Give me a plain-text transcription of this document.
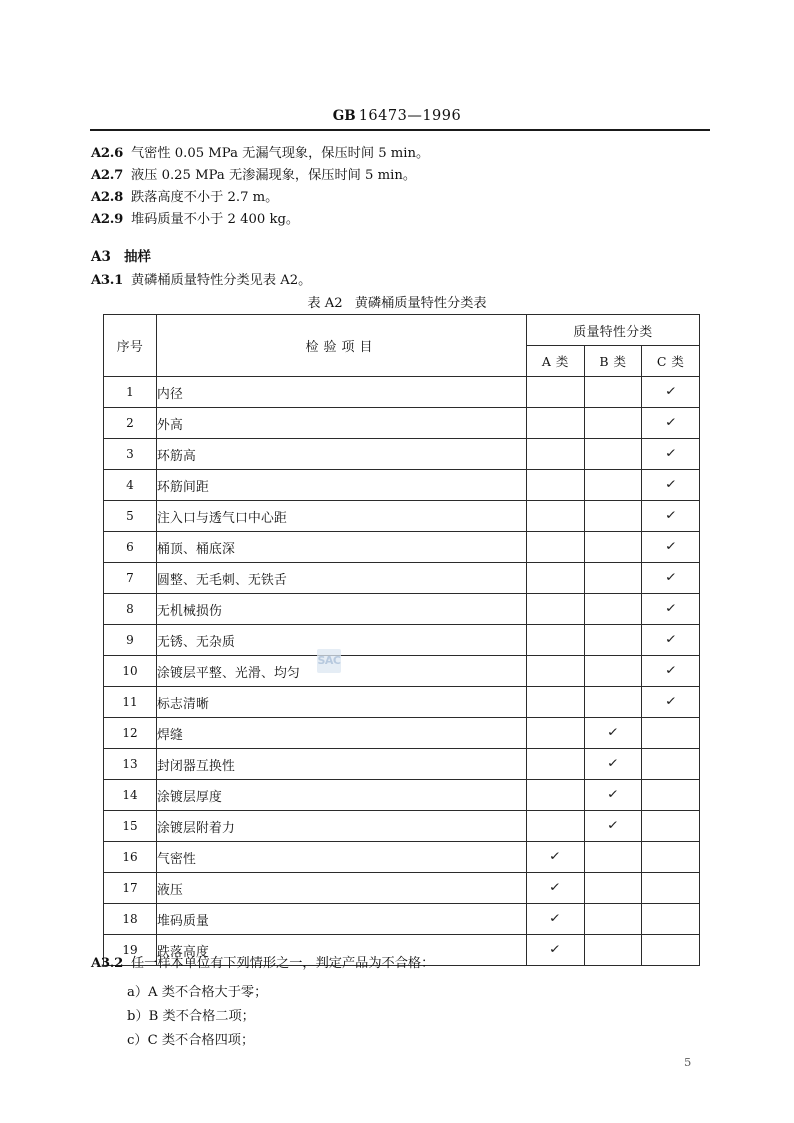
GB 16473—1996
A2.6 气密性 0.05 MPa 无漏气现象，保压时间 5 min。
A2.7 液压 0.25 MPa 无渗漏现象，保压时间 5 min。
A2.8 跌落高度不小于 2.7 m。
A2.9 堆码质量不小于 2 400 kg。
A3 抽样
A3.1 黄磷桶质量特性分类见表 A2。
表 A2 黄磷桶质量特性分类表
序号	检验项目	质量特性分类		
		A 类	B 类	C 类
1	内径			✓
2	外高			✓
3	环筋高			✓
4	环筋间距			✓
5	注入口与透气口中心距			✓
6	桶顶、桶底深			✓
7	圆整、无毛刺、无铁舌			✓
8	无机械损伤			✓
9	无锈、无杂质			✓
10	涂镀层平整、光滑、均匀			✓
11	标志清晰			✓
12	焊缝		✓	
13	封闭器互换性		✓	
14	涂镀层厚度		✓	
15	涂镀层附着力		✓	
16	气密性	✓		
17	液压	✓		
18	堆码质量	✓		
19	跌落高度	✓		
SAC
A3.2 任一样本单位有下列情形之一，判定产品为不合格：
a）A 类不合格大于零；
b）B 类不合格二项；
c）C 类不合格四项；
5
